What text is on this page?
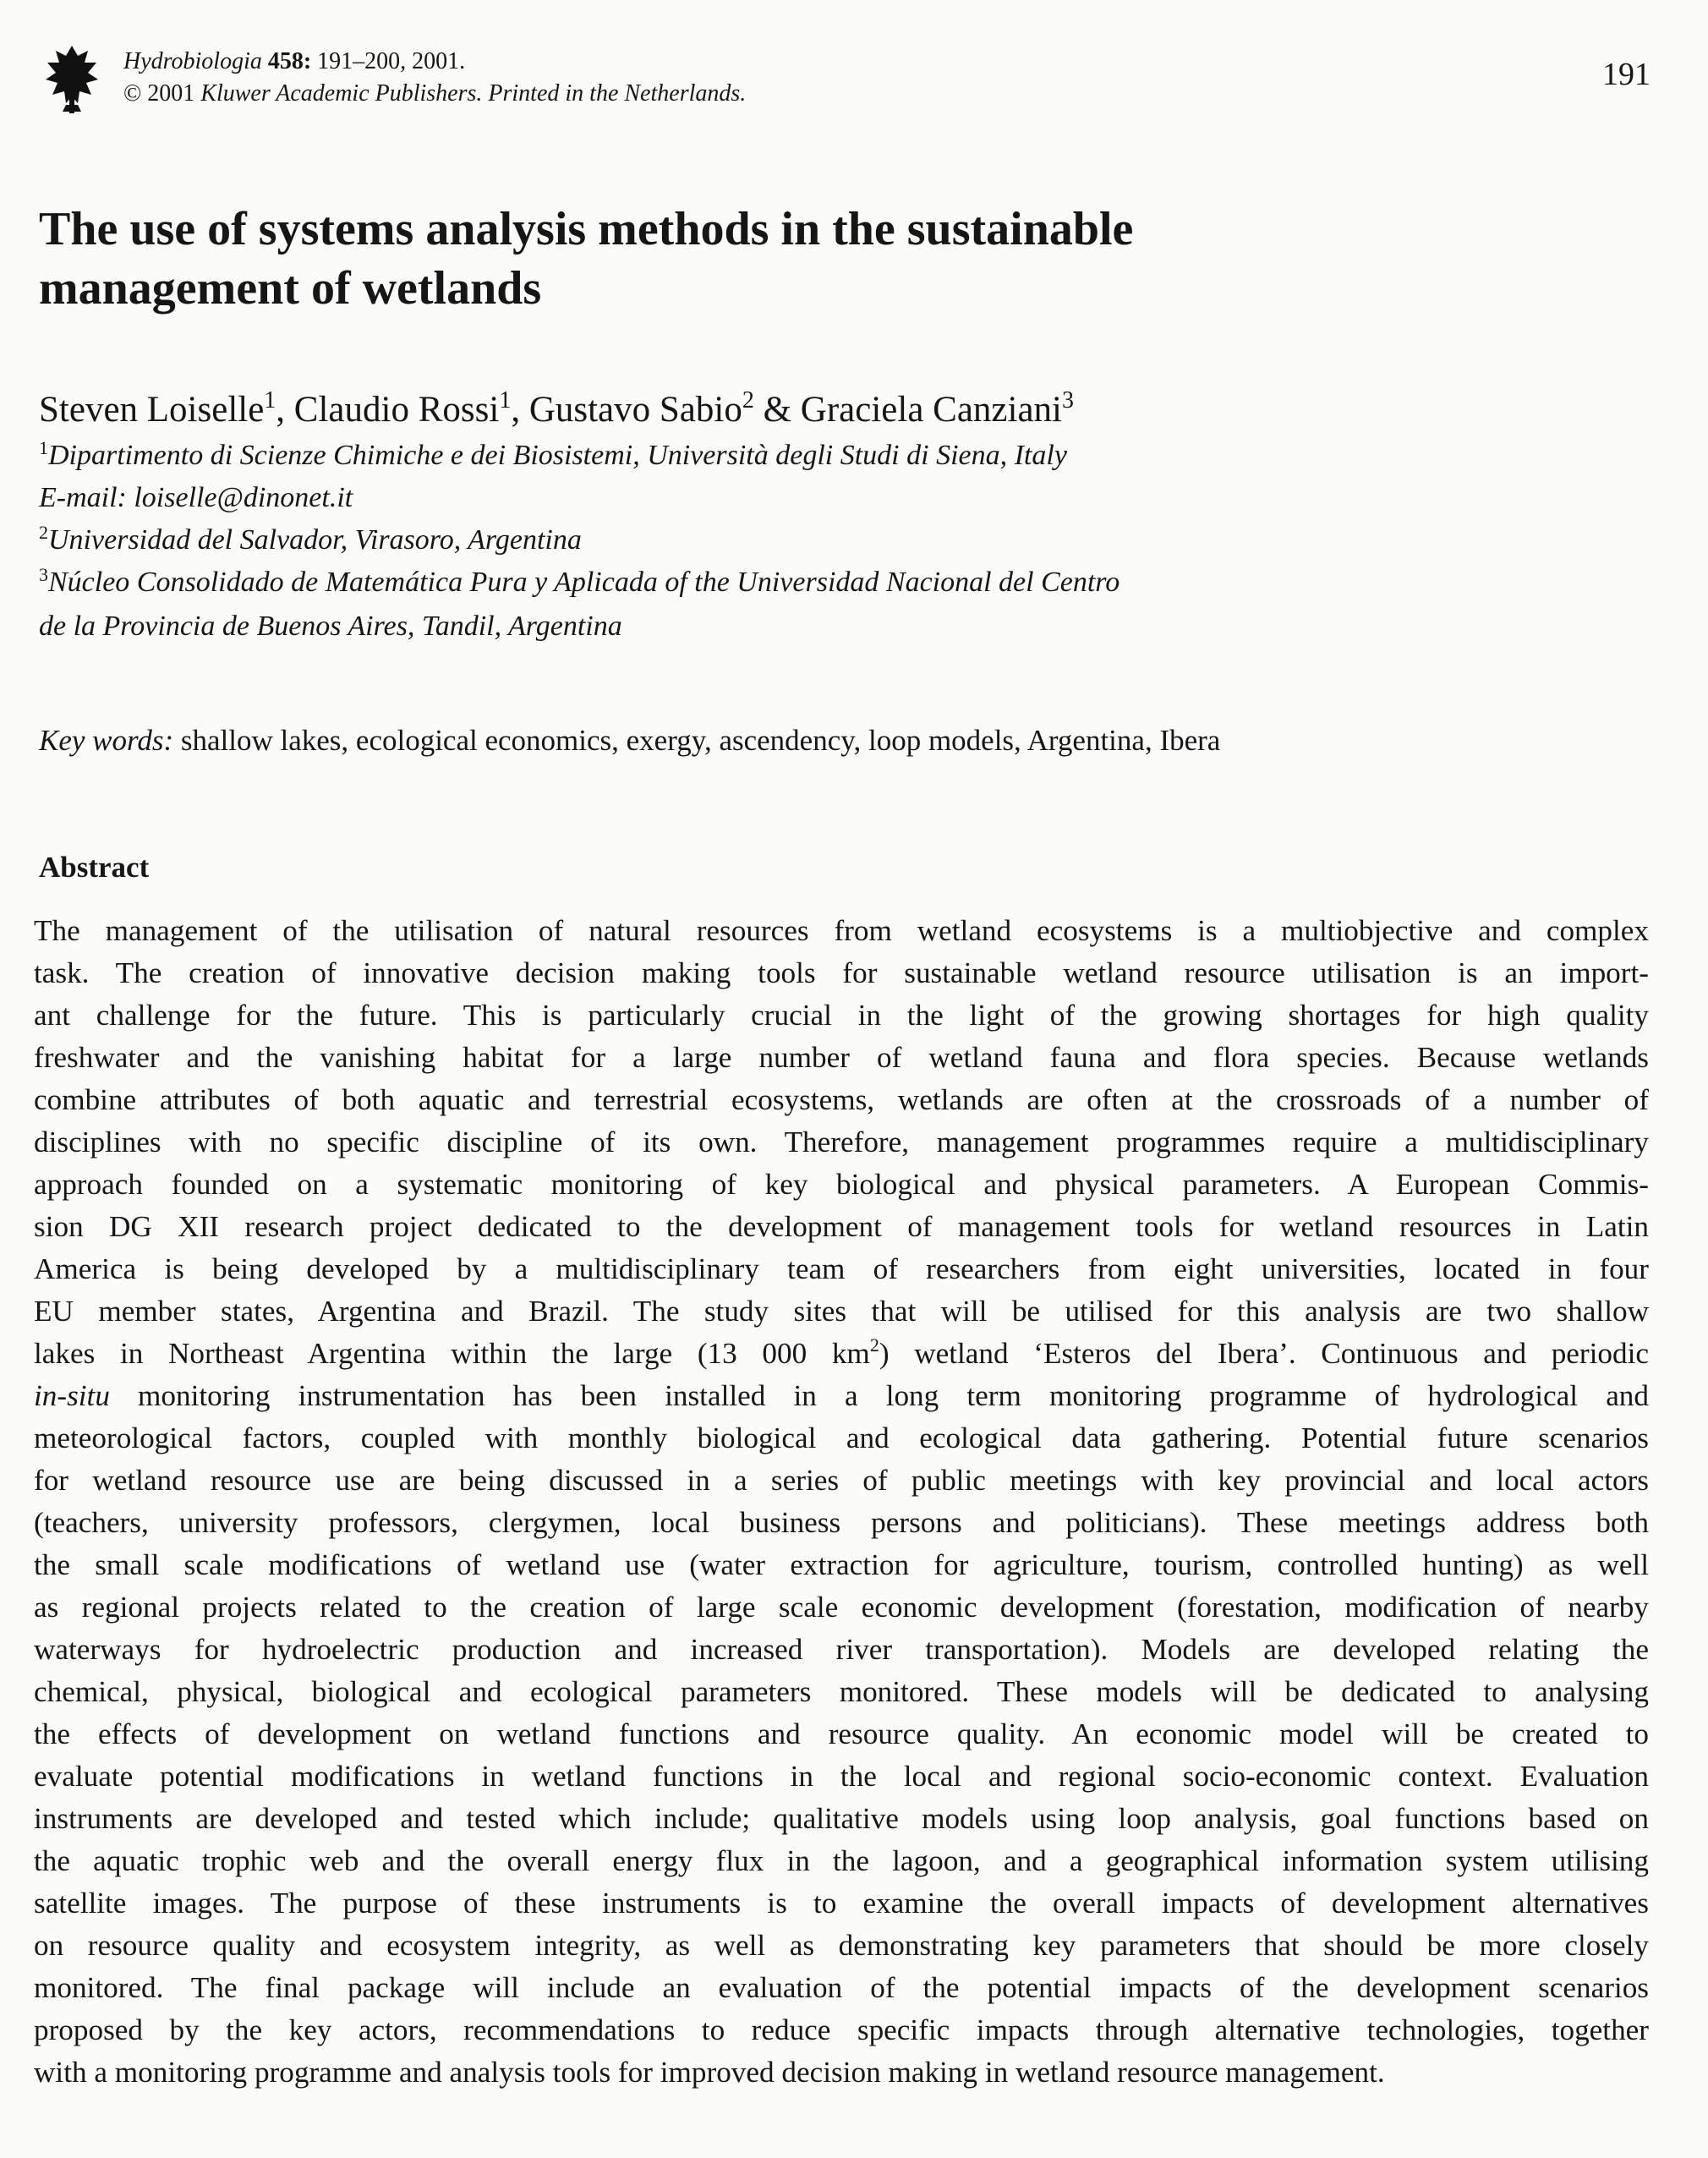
Hydrobiologia 458: 191–200, 2001.
© 2001 Kluwer Academic Publishers. Printed in the Netherlands.
191
The use of systems analysis methods in the sustainable
management of wetlands
Steven Loiselle$^1$, Claudio Rossi$^1$, Gustavo Sabio$^2$ & Graciela Canziani$^3$
$^1$Dipartimento di Scienze Chimiche e dei Biosistemi, Università degli Studi di Siena, Italy
E-mail: loiselle@dinonet.it
$^2$Universidad del Salvador, Virasoro, Argentina
$^3$Núcleo Consolidado de Matemática Pura y Aplicada of the Universidad Nacional del Centro
de la Provincia de Buenos Aires, Tandil, Argentina
Key words: shallow lakes, ecological economics, exergy, ascendency, loop models, Argentina, Ibera
Abstract
The management of the utilisation of natural resources from wetland ecosystems is a multiobjective and complex
task. The creation of innovative decision making tools for sustainable wetland resource utilisation is an import-
ant challenge for the future. This is particularly crucial in the light of the growing shortages for high quality
freshwater and the vanishing habitat for a large number of wetland fauna and flora species. Because wetlands
combine attributes of both aquatic and terrestrial ecosystems, wetlands are often at the crossroads of a number of
disciplines with no specific discipline of its own. Therefore, management programmes require a multidisciplinary
approach founded on a systematic monitoring of key biological and physical parameters. A European Commis-
sion DG XII research project dedicated to the development of management tools for wetland resources in Latin
America is being developed by a multidisciplinary team of researchers from eight universities, located in four
EU member states, Argentina and Brazil. The study sites that will be utilised for this analysis are two shallow
lakes in Northeast Argentina within the large (13 000 $km^2$) wetland ‘Esteros del Ibera’. Continuous and periodic
in-situ monitoring instrumentation has been installed in a long term monitoring programme of hydrological and
meteorological factors, coupled with monthly biological and ecological data gathering. Potential future scenarios
for wetland resource use are being discussed in a series of public meetings with key provincial and local actors
(teachers, university professors, clergymen, local business persons and politicians). These meetings address both
the small scale modifications of wetland use (water extraction for agriculture, tourism, controlled hunting) as well
as regional projects related to the creation of large scale economic development (forestation, modification of nearby
waterways for hydroelectric production and increased river transportation). Models are developed relating the
chemical, physical, biological and ecological parameters monitored. These models will be dedicated to analysing
the effects of development on wetland functions and resource quality. An economic model will be created to
evaluate potential modifications in wetland functions in the local and regional socio-economic context. Evaluation
instruments are developed and tested which include; qualitative models using loop analysis, goal functions based on
the aquatic trophic web and the overall energy flux in the lagoon, and a geographical information system utilising
satellite images. The purpose of these instruments is to examine the overall impacts of development alternatives
on resource quality and ecosystem integrity, as well as demonstrating key parameters that should be more closely
monitored. The final package will include an evaluation of the potential impacts of the development scenarios
proposed by the key actors, recommendations to reduce specific impacts through alternative technologies, together
with a monitoring programme and analysis tools for improved decision making in wetland resource management.
